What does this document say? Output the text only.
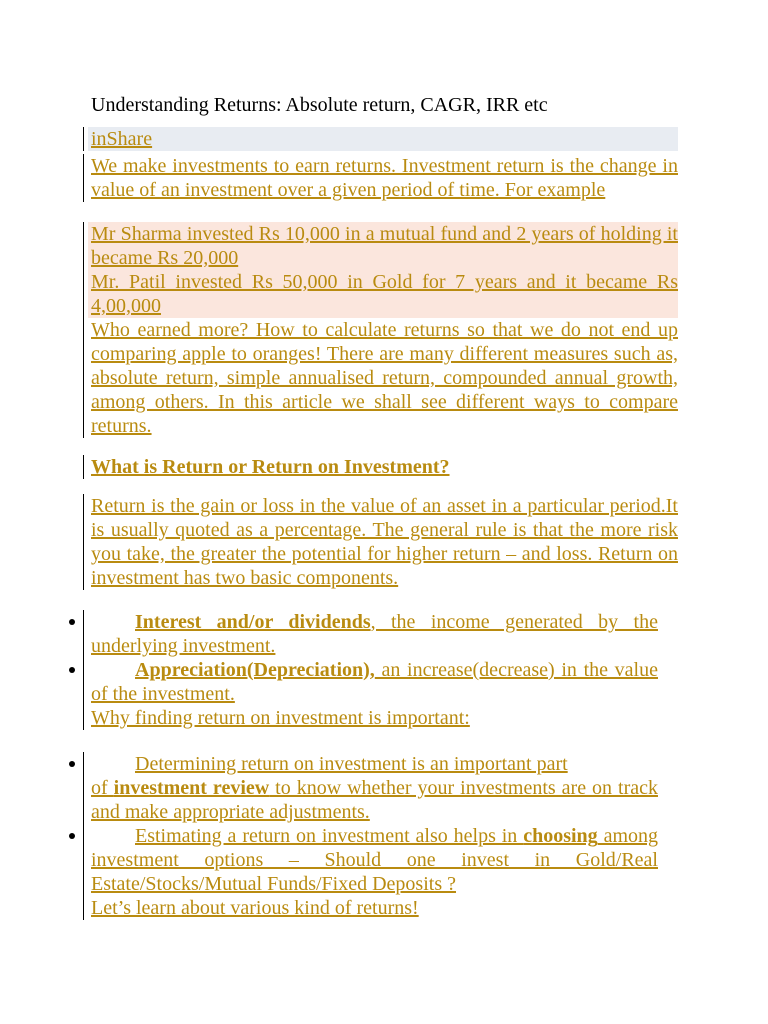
Understanding Returns: Absolute return, CAGR, IRR etc

inShare

We make investments to earn returns. Investment return is the change in value of an investment over a given period of time. For example

Mr Sharma invested Rs 10,000 in a mutual fund and 2 years of holding it became Rs 20,000

Mr. Patil invested Rs 50,000 in Gold for 7 years and it became Rs 4,00,000

Who earned more? How to calculate returns so that we do not end up comparing apple to oranges! There are many different measures such as, absolute return, simple annualised return, compounded annual growth, among others. In this article we shall see different ways to compare returns.

What is Return or Return on Investment?

Return is the gain or loss in the value of an asset in a particular period.It is usually quoted as a percentage. The general rule is that the more risk you take, the greater the potential for higher return – and loss. Return on investment has two basic components.

Interest and/or dividends, the income generated by the underlying investment.
Appreciation(Depreciation), an increase(decrease) in the value of the investment.

Why finding return on investment is important:

Determining return on investment is an important part
of investment review to know whether your investments are on track and make appropriate adjustments.
Estimating a return on investment also helps in choosing among investment options – Should one invest in Gold/Real Estate/Stocks/Mutual Funds/Fixed Deposits ?

Let’s learn about various kind of returns!
